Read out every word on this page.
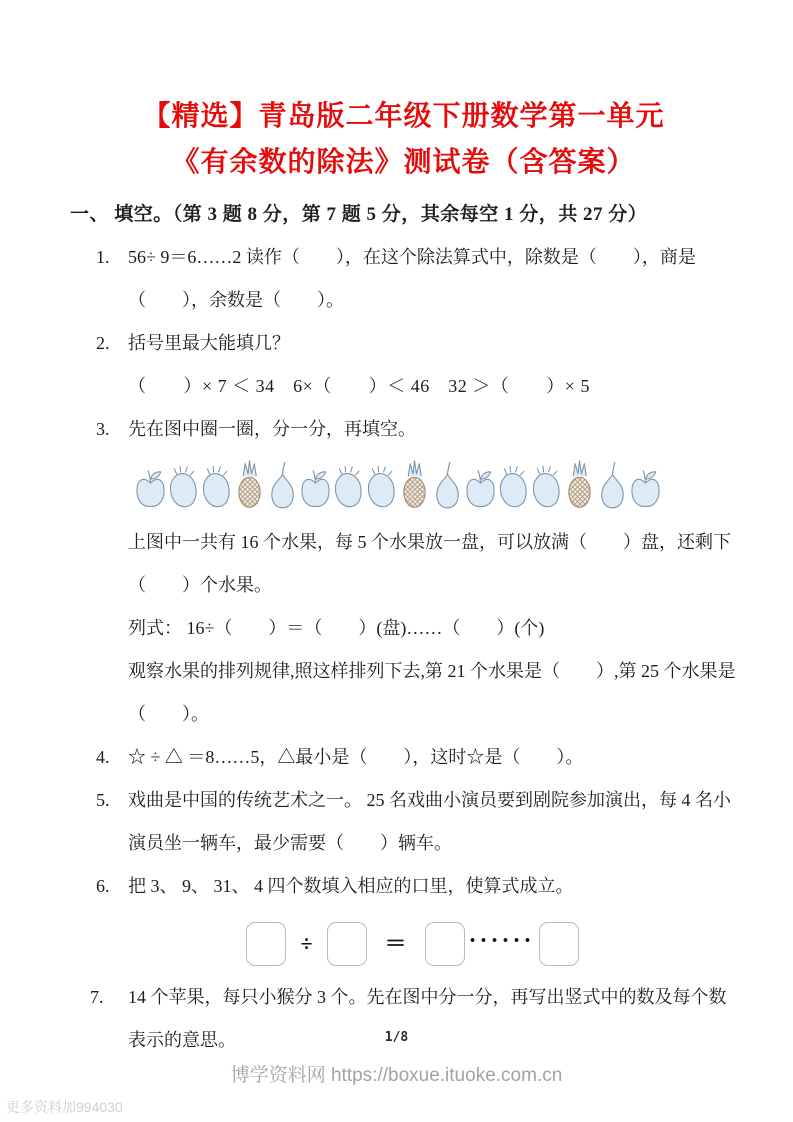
【精选】青岛版二年级下册数学第一单元
《有余数的除法》测试卷（含答案）
一、 填空。（第 3 题 8 分，第 7 题 5 分，其余每空 1 分，共 27 分）
1. 56÷ 9＝6……2 读作（　　），在这个除法算式中，除数是（　　），商是（　　），余数是（　　）。
2. 括号里最大能填几？
（　　）× 7 ＜ 34　6×（　　）＜ 46　32 ＞（　　）× 5
3. 先在图中圈一圈，分一分，再填空。
上图中一共有 16 个水果，每 5 个水果放一盘，可以放满（　　）盘，还剩下（　　）个水果。
列式： 16÷（　　）＝（　　）(盘)……（　　）(个)
观察水果的排列规律,照这样排列下去,第 21 个水果是（　　）,第 25 个水果是（　　）。
4. ☆ ÷ △ ＝8……5，△最小是（　　），这时☆是（　　）。
5. 戏曲是中国的传统艺术之一。 25 名戏曲小演员要到剧院参加演出，每 4 名小演员坐一辆车，最少需要（　　）辆车。
6. 把 3、 9、 31、 4 四个数填入相应的口里，使算式成立。
÷	＝	······
7. 14 个苹果，每只小猴分 3 个。先在图中分一分，再写出竖式中的数及每个数表示的意思。	1/8
博学资料网 https://boxue.ituoke.com.cn
更多资料加994030
